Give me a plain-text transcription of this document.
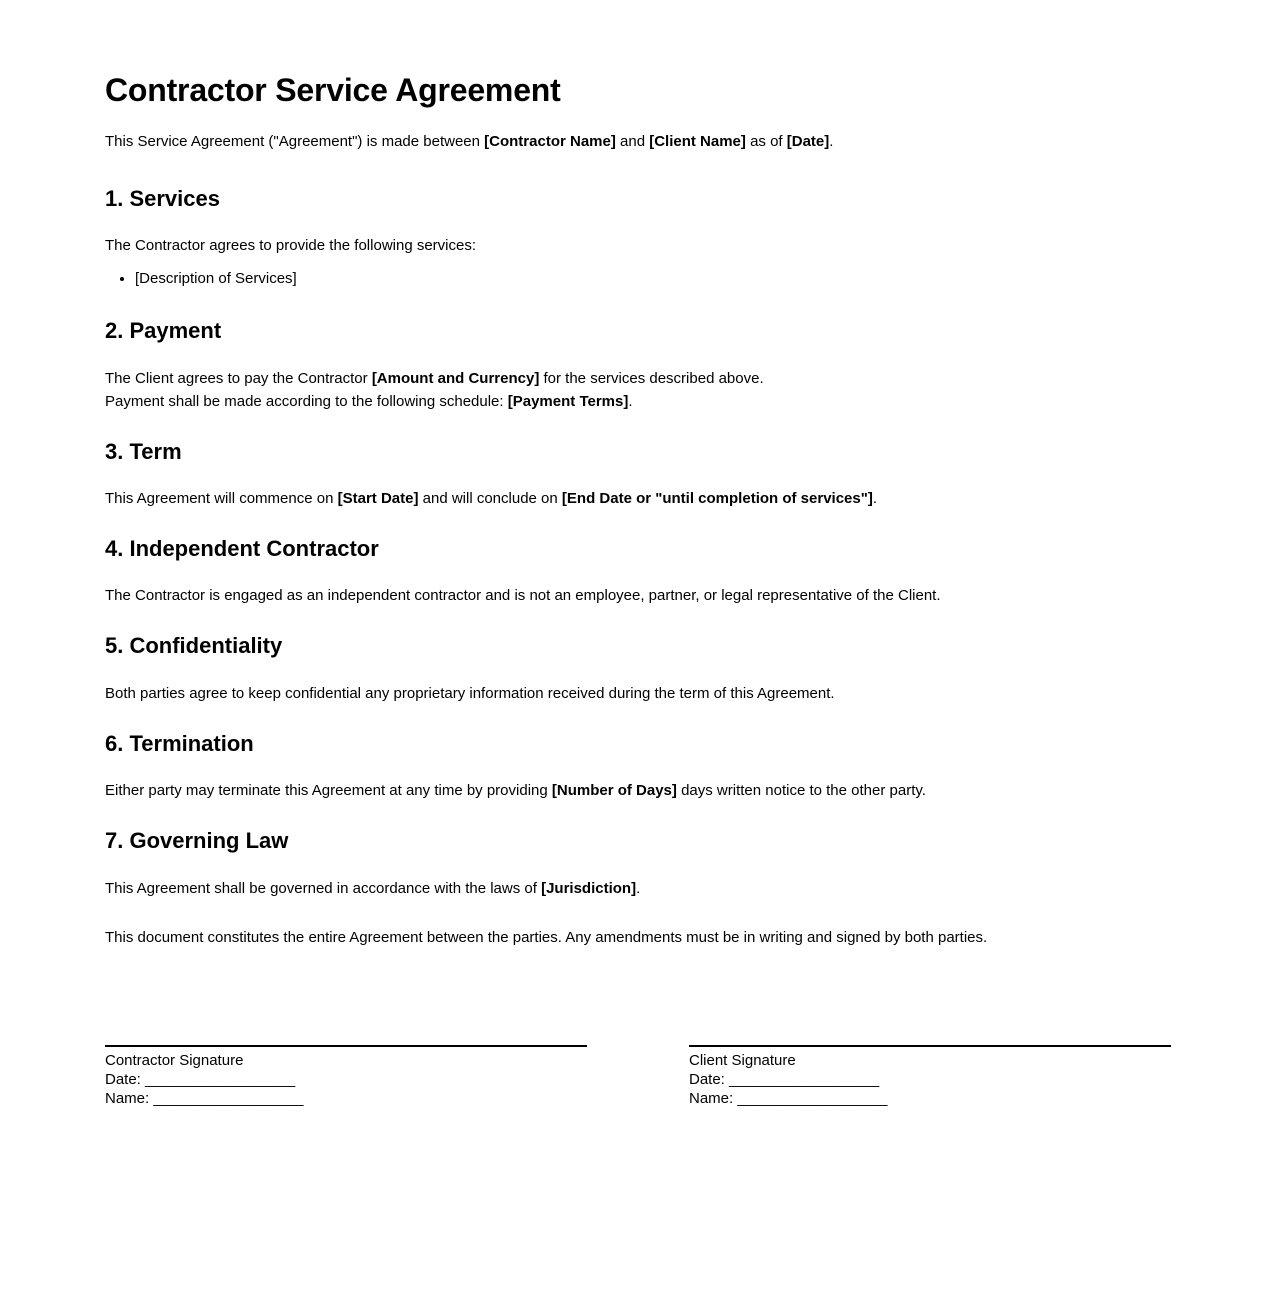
Contractor Service Agreement

This Service Agreement ("Agreement") is made between [Contractor Name] and [Client Name] as of [Date].

1. Services

The Contractor agrees to provide the following services:

• [Description of Services]
2. Payment

The Client agrees to pay the Contractor [Amount and Currency] for the services described above.
Payment shall be made according to the following schedule: [Payment Terms].

3. Term

This Agreement will commence on [Start Date] and will conclude on [End Date or "until completion of services"].

4. Independent Contractor

The Contractor is engaged as an independent contractor and is not an employee, partner, or legal representative of the Client.

5. Confidentiality

Both parties agree to keep confidential any proprietary information received during the term of this Agreement.

6. Termination

Either party may terminate this Agreement at any time by providing [Number of Days] days written notice to the other party.

7. Governing Law

This Agreement shall be governed in accordance with the laws of [Jurisdiction].

This document constitutes the entire Agreement between the parties. Any amendments must be in writing and signed by both parties.

Contractor Signature
Date: __________________
Name: __________________
Client Signature
Date: __________________
Name: __________________
